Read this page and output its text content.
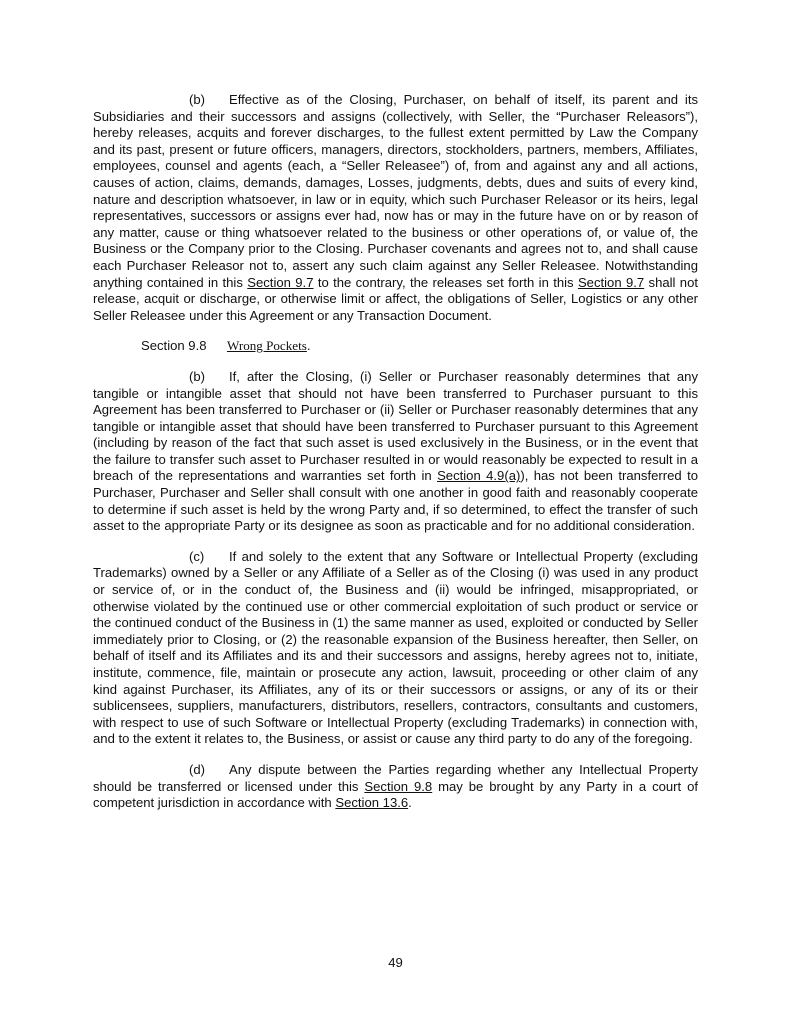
(b) Effective as of the Closing, Purchaser, on behalf of itself, its parent and its Subsidiaries and their successors and assigns (collectively, with Seller, the “Purchaser Releasors”), hereby releases, acquits and forever discharges, to the fullest extent permitted by Law the Company and its past, present or future officers, managers, directors, stockholders, partners, members, Affiliates, employees, counsel and agents (each, a “Seller Releasee”) of, from and against any and all actions, causes of action, claims, demands, damages, Losses, judgments, debts, dues and suits of every kind, nature and description whatsoever, in law or in equity, which such Purchaser Releasor or its heirs, legal representatives, successors or assigns ever had, now has or may in the future have on or by reason of any matter, cause or thing whatsoever related to the business or other operations of, or value of, the Business or the Company prior to the Closing. Purchaser covenants and agrees not to, and shall cause each Purchaser Releasor not to, assert any such claim against any Seller Releasee. Notwithstanding anything contained in this Section 9.7 to the contrary, the releases set forth in this Section 9.7 shall not release, acquit or discharge, or otherwise limit or affect, the obligations of Seller, Logistics or any other Seller Releasee under this Agreement or any Transaction Document.

Section 9.8 Wrong Pockets.

(b) If, after the Closing, (i) Seller or Purchaser reasonably determines that any tangible or intangible asset that should not have been transferred to Purchaser pursuant to this Agreement has been transferred to Purchaser or (ii) Seller or Purchaser reasonably determines that any tangible or intangible asset that should have been transferred to Purchaser pursuant to this Agreement (including by reason of the fact that such asset is used exclusively in the Business, or in the event that the failure to transfer such asset to Purchaser resulted in or would reasonably be expected to result in a breach of the representations and warranties set forth in Section 4.9(a)), has not been transferred to Purchaser, Purchaser and Seller shall consult with one another in good faith and reasonably cooperate to determine if such asset is held by the wrong Party and, if so determined, to effect the transfer of such asset to the appropriate Party or its designee as soon as practicable and for no additional consideration.

(c) If and solely to the extent that any Software or Intellectual Property (excluding Trademarks) owned by a Seller or any Affiliate of a Seller as of the Closing (i) was used in any product or service of, or in the conduct of, the Business and (ii) would be infringed, misappropriated, or otherwise violated by the continued use or other commercial exploitation of such product or service or the continued conduct of the Business in (1) the same manner as used, exploited or conducted by Seller immediately prior to Closing, or (2) the reasonable expansion of the Business hereafter, then Seller, on behalf of itself and its Affiliates and its and their successors and assigns, hereby agrees not to, initiate, institute, commence, file, maintain or prosecute any action, lawsuit, proceeding or other claim of any kind against Purchaser, its Affiliates, any of its or their successors or assigns, or any of its or their sublicensees, suppliers, manufacturers, distributors, resellers, contractors, consultants and customers, with respect to use of such Software or Intellectual Property (excluding Trademarks) in connection with, and to the extent it relates to, the Business, or assist or cause any third party to do any of the foregoing.

(d) Any dispute between the Parties regarding whether any Intellectual Property should be transferred or licensed under this Section 9.8 may be brought by any Party in a court of competent jurisdiction in accordance with Section 13.6.

49
